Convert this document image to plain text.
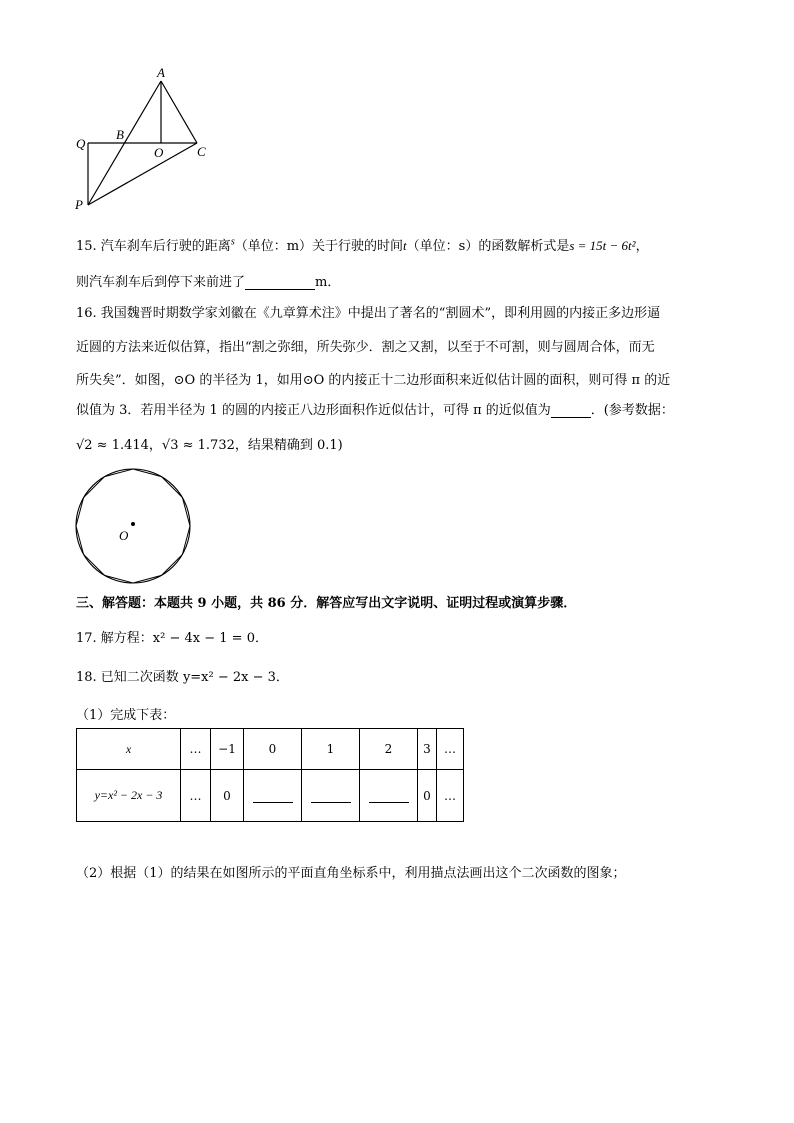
A
B
Q
O	C
P
15. 汽车刹车后行驶的距离$^s$（单位：m）关于行驶的时间t（单位：s）的函数解析式是s = 15t − 6t²，
则汽车刹车后到停下来前进了	m．
16. 我国魏晋时期数学家刘徽在《九章算术注》中提出了著名的“割圆术”，即利用圆的内接正多边形逼
近圆的方法来近似估算，指出“割之弥细，所失弥少．割之又割，以至于不可割，则与圆周合体，而无
所失矣”．如图，⊙O 的半径为 1，如用⊙O 的内接正十二边形面积来近似估计圆的面积，则可得 π 的近
似值为 3．若用半径为 1 的圆的内接正八边形面积作近似估计，可得 π 的近似值为	．(参考数据：
√2 ≈ 1.414，√3 ≈ 1.732，结果精确到 0.1)
O
三、解答题：本题共 9 小题，共 86 分．解答应写出文字说明、证明过程或演算步骤．
17. 解方程：x² − 4x − 1 = 0．
18. 已知二次函数 y=x² − 2x − 3．
（1）完成下表：
x	…	−1	0	1	2	3	…
y=x² − 2x − 3	…	0				0	…
（2）根据（1）的结果在如图所示的平面直角坐标系中，利用描点法画出这个二次函数的图象；
